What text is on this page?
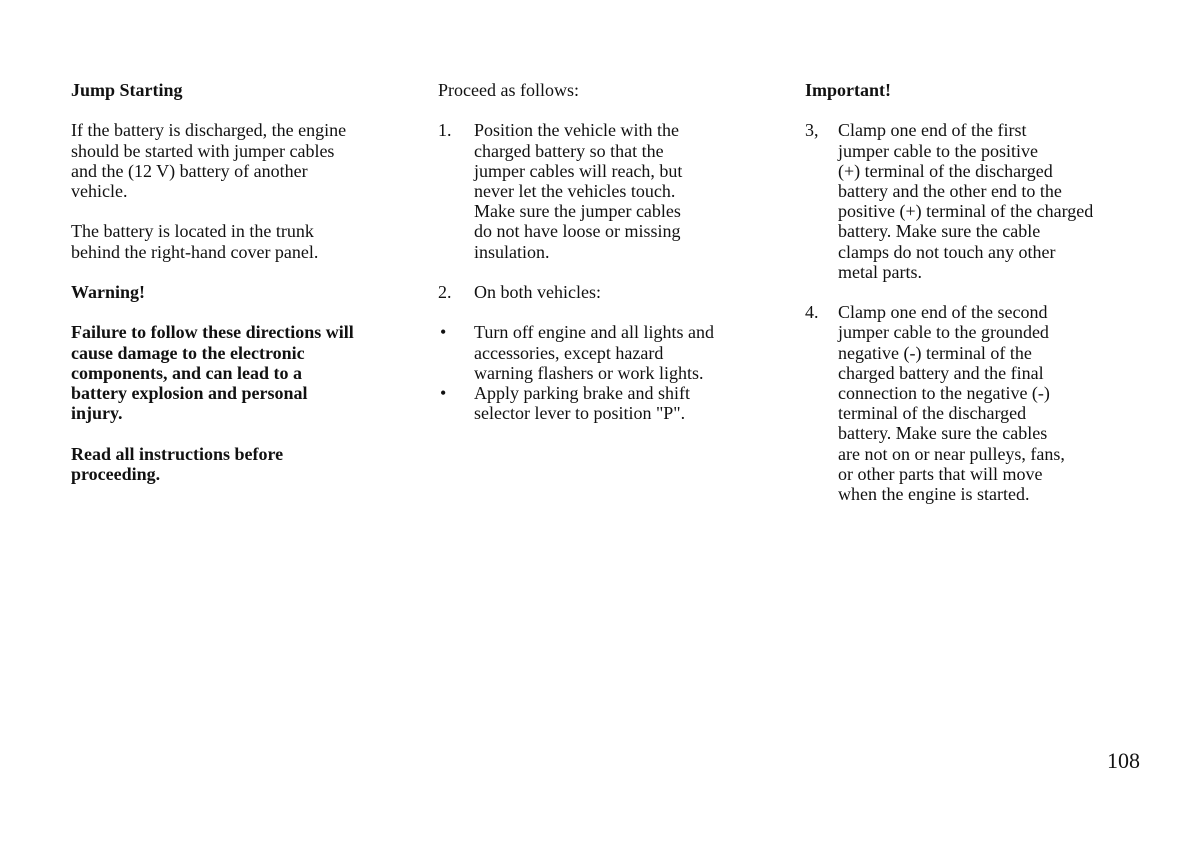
Jump Starting

If the battery is discharged, the engine
should be started with jumper cables
and the (12 V) battery of another
vehicle.

The battery is located in the trunk
behind the right-hand cover panel.

Warning!

Failure to follow these directions will
cause damage to the electronic
components, and can lead to a
battery explosion and personal
injury.

Read all instructions before
proceeding.

Proceed as follows:

1. Position the vehicle with the
charged battery so that the
jumper cables will reach, but
never let the vehicles touch.
Make sure the jumper cables
do not have loose or missing
insulation.
2. On both vehicles:
• Turn off engine and all lights and
accessories, except hazard
warning flashers or work lights.
• Apply parking brake and shift
selector lever to position "P".

Important!

3, Clamp one end of the first
jumper cable to the positive
(+) terminal of the discharged
battery and the other end to the
positive (+) terminal of the charged
battery. Make sure the cable
clamps do not touch any other
metal parts.
4. Clamp one end of the second
jumper cable to the grounded
negative (-) terminal of the
charged battery and the final
connection to the negative (-)
terminal of the discharged
battery. Make sure the cables
are not on or near pulleys, fans,
or other parts that will move
when the engine is started.
108
